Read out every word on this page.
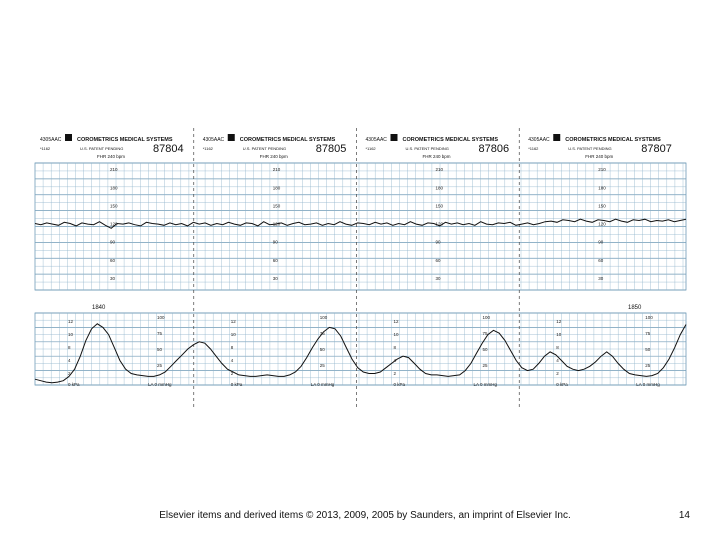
4305AAC	COROMETRICS MEDICAL SYSTEMS
*1162	U.S. PATENT PENDING	87804
FHR 240 bpm
210
180
150
120
90
60
30
12
10
8
4
2
100
75
50
25
0 kPa	LA 0 mmHg
4305AAC	COROMETRICS MEDICAL SYSTEMS
*1162	U.S. PATENT PENDING	87805
FHR 240 bpm
210
180
150
120
90
60
30
12
10
8
4
2
100
75
50
25
0 kPa	LA 0 mmHg
4305AAC	COROMETRICS MEDICAL SYSTEMS
*1162	U.S. PATENT PENDING	87806
FHR 240 bpm
210
180
150
120
90
60
30
12
10
8
4
2
100
75
50
25
0 kPa	LA 0 mmHg
4305AAC	COROMETRICS MEDICAL SYSTEMS
*1162	U.S. PATENT PENDING	87807
FHR 240 bpm
210
180
150
120
90
60
30
12
10
8
4
2
100
75
50
25
0 kPa	LA 0 mmHg
1840	1850
Elsevier items and derived items © 2013, 2009, 2005 by Saunders, an imprint of Elsevier Inc.	14
